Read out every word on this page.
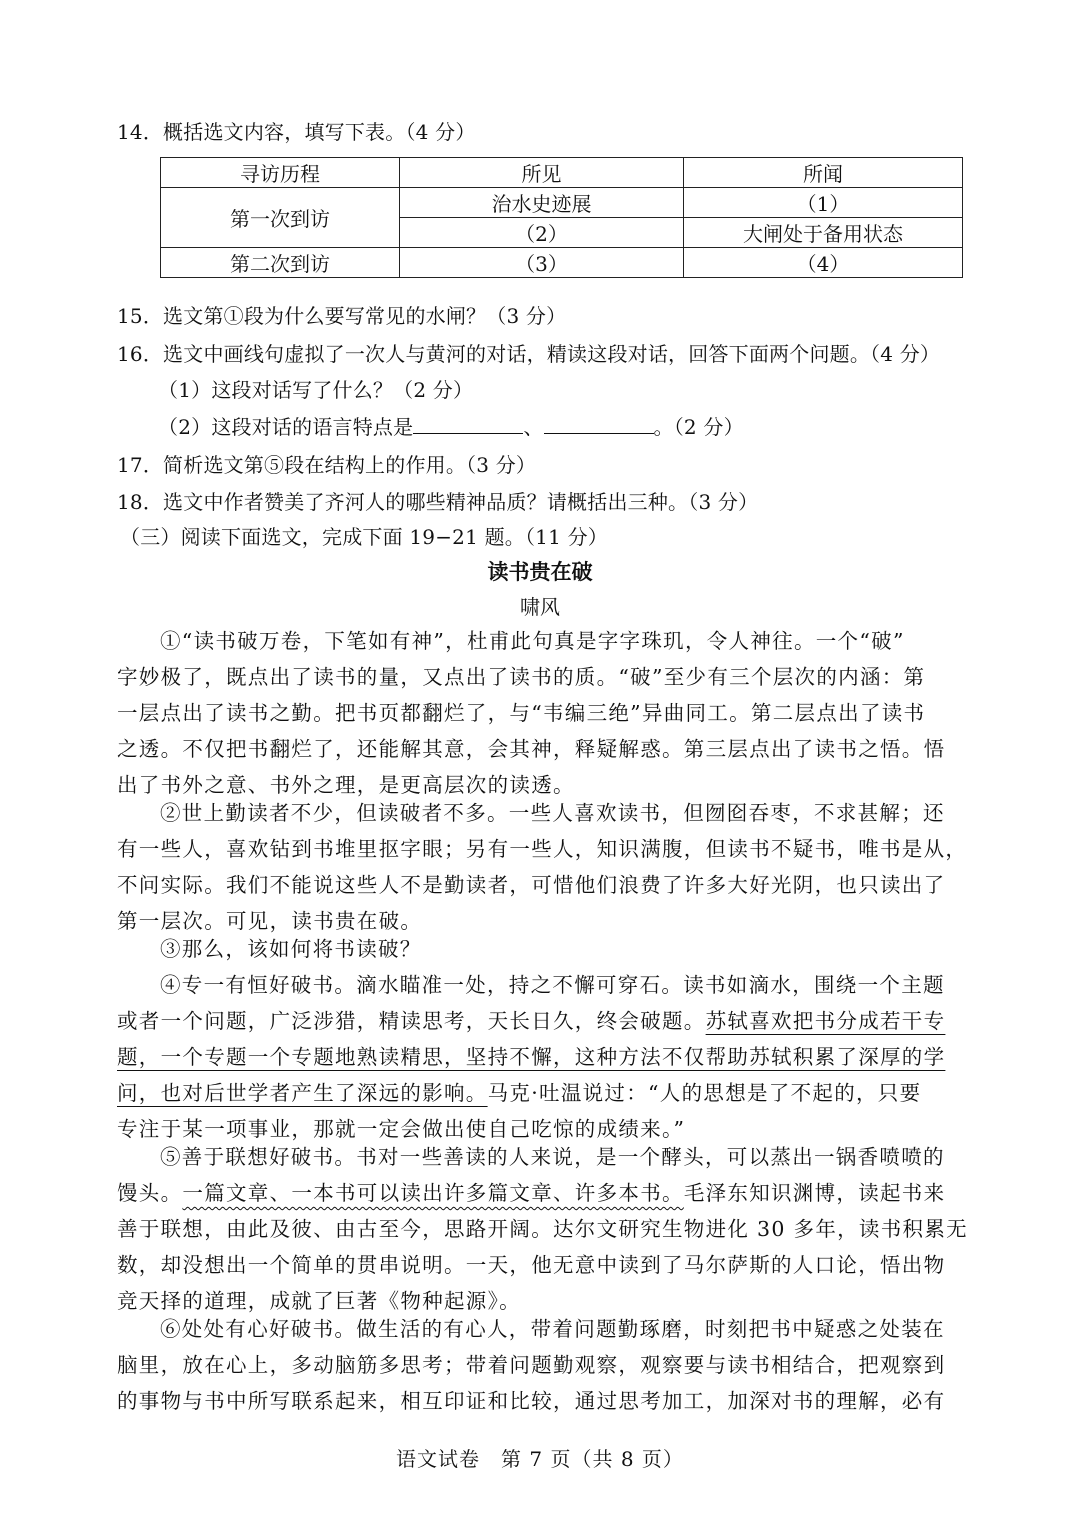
14．概括选文内容，填写下表。（4 分）
寻访历程	所见	所闻
第一次到访	治水史迹展	（1）
	（2）	大闸处于备用状态
第二次到访	（3）	（4）
15．选文第①段为什么要写常见的水闸？（3 分）
16．选文中画线句虚拟了一次人与黄河的对话，精读这段对话，回答下面两个问题。（4 分）
（1）这段对话写了什么？（2 分）
（2）这段对话的语言特点是	、	。（2 分）
17．简析选文第⑤段在结构上的作用。（3 分）
18．选文中作者赞美了齐河人的哪些精神品质？请概括出三种。（3 分）
（三）阅读下面选文，完成下面 19−21 题。（11 分）
读书贵在破
啸风
①“读书破万卷，下笔如有神”，杜甫此句真是字字珠玑，令人神往。一个“破”
字妙极了，既点出了读书的量，又点出了读书的质。“破”至少有三个层次的内涵：第
一层点出了读书之勤。把书页都翻烂了，与“韦编三绝”异曲同工。第二层点出了读书
之透。不仅把书翻烂了，还能解其意，会其神，释疑解惑。第三层点出了读书之悟。悟
出了书外之意、书外之理，是更高层次的读透。
②世上勤读者不少，但读破者不多。一些人喜欢读书，但囫囵吞枣，不求甚解；还
有一些人，喜欢钻到书堆里抠字眼；另有一些人，知识满腹，但读书不疑书，唯书是从，
不问实际。我们不能说这些人不是勤读者，可惜他们浪费了许多大好光阴，也只读出了
第一层次。可见，读书贵在破。
③那么，该如何将书读破？
④专一有恒好破书。滴水瞄准一处，持之不懈可穿石。读书如滴水，围绕一个主题
或者一个问题，广泛涉猎，精读思考，天长日久，终会破题。苏轼喜欢把书分成若干专
题，一个专题一个专题地熟读精思，坚持不懈，这种方法不仅帮助苏轼积累了深厚的学
问，也对后世学者产生了深远的影响。马克·吐温说过：“人的思想是了不起的，只要
专注于某一项事业，那就一定会做出使自己吃惊的成绩来。”
⑤善于联想好破书。书对一些善读的人来说，是一个酵头，可以蒸出一锅香喷喷的
馒头。一篇文章、一本书可以读出许多篇文章、许多本书。毛泽东知识渊博，读起书来
善于联想，由此及彼、由古至今，思路开阔。达尔文研究生物进化 30 多年，读书积累无
数，却没想出一个简单的贯串说明。一天，他无意中读到了马尔萨斯的人口论，悟出物
竞天择的道理，成就了巨著《物种起源》。
⑥处处有心好破书。做生活的有心人，带着问题勤琢磨，时刻把书中疑惑之处装在
脑里，放在心上，多动脑筋多思考；带着问题勤观察，观察要与读书相结合，把观察到
的事物与书中所写联系起来，相互印证和比较，通过思考加工，加深对书的理解，必有
语文试卷　第 7 页（共 8 页）
